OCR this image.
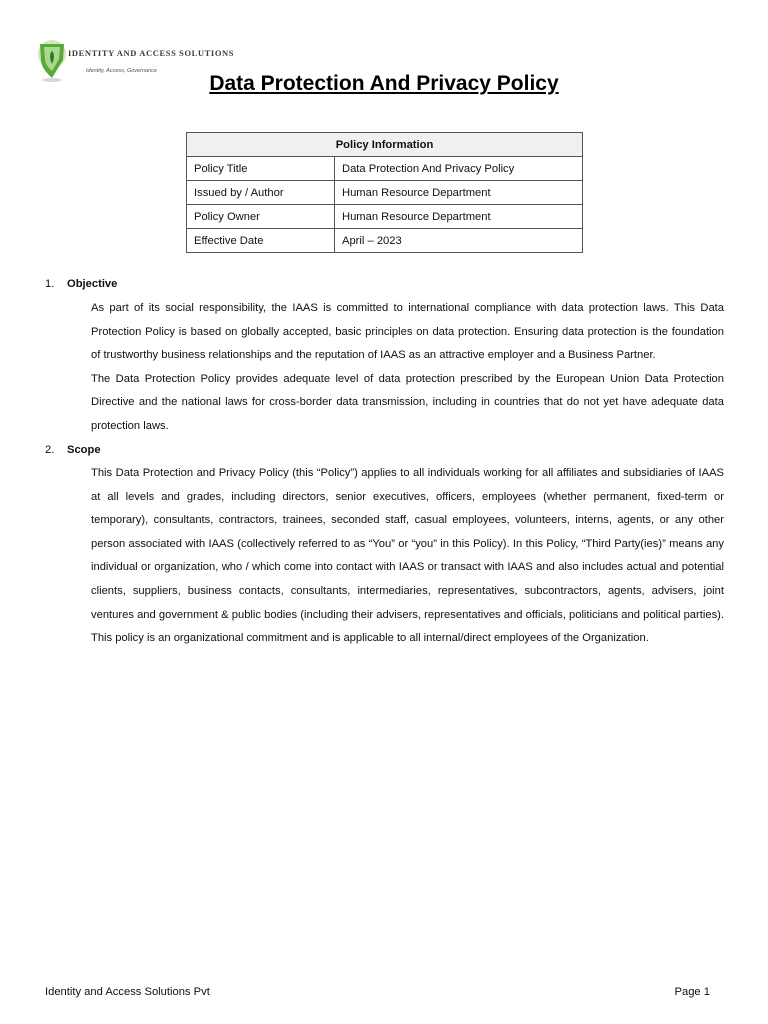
IDENTITY AND ACCESS SOLUTIONS
Identity, Access, Governance
Data Protection And Privacy Policy
Policy Information	
Policy Title	Data Protection And Privacy Policy
Issued by / Author	Human Resource Department
Policy Owner	Human Resource Department
Effective Date	April – 2023
1. Objective

As part of its social responsibility, the IAAS is committed to international compliance with data protection laws. This Data Protection Policy is based on globally accepted, basic principles on data protection. Ensuring data protection is the foundation of trustworthy business relationships and the reputation of IAAS as an attractive employer and a Business Partner.

The Data Protection Policy provides adequate level of data protection prescribed by the European Union Data Protection Directive and the national laws for cross-border data transmission, including in countries that do not yet have adequate data protection laws.

2. Scope

This Data Protection and Privacy Policy (this “Policy”) applies to all individuals working for all affiliates and subsidiaries of IAAS at all levels and grades, including directors, senior executives, officers, employees (whether permanent, fixed-term or temporary), consultants, contractors, trainees, seconded staff, casual employees, volunteers, interns, agents, or any other person associated with IAAS (collectively referred to as “You” or “you” in this Policy). In this Policy, “Third Party(ies)” means any individual or organization, who / which come into contact with IAAS or transact with IAAS and also includes actual and potential clients, suppliers, business contacts, consultants, intermediaries, representatives, subcontractors, agents, advisers, joint ventures and government & public bodies (including their advisers, representatives and officials, politicians and political parties). This policy is an organizational commitment and is applicable to all internal/direct employees of the Organization.

Identity and Access Solutions Pvt	Page 1
